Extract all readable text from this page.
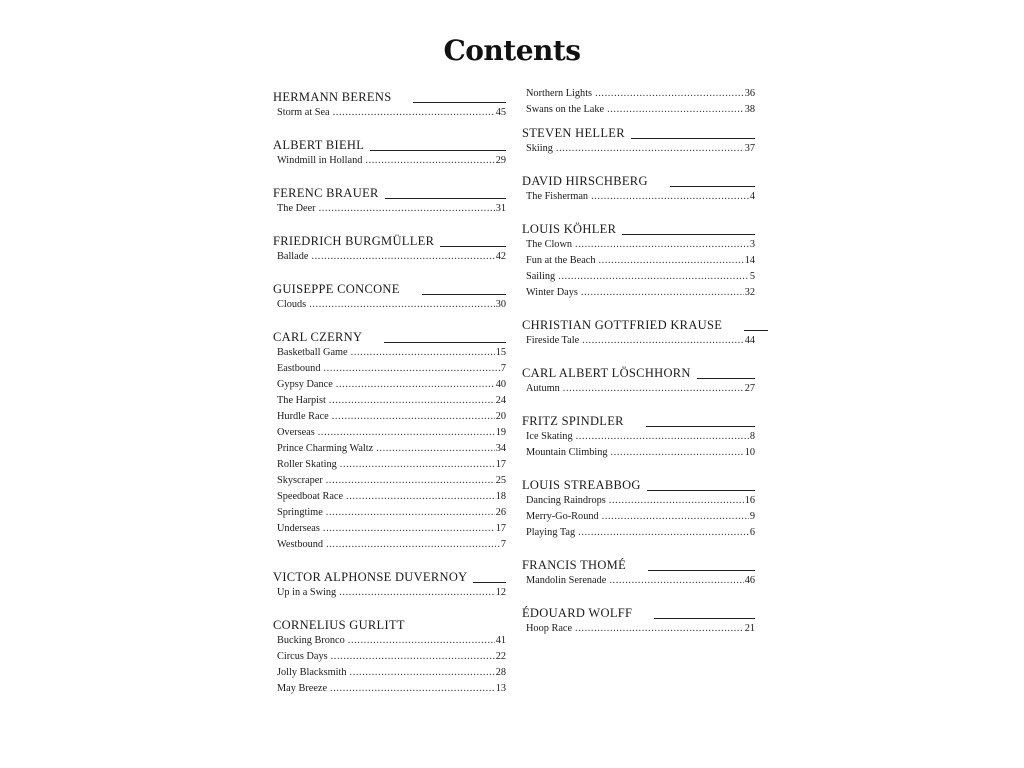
Contents
HERMANN BERENS
Storm at Sea .....	45
ALBERT BIEHL
Windmill in Holland .....	29
FERENC BRAUER
The Deer .....	31
FRIEDRICH BURGMÜLLER
Ballade .....	42
GUISEPPE CONCONE
Clouds .....	30
CARL CZERNY
Basketball Game .....	15
Eastbound .....	7
Gypsy Dance .....	40
The Harpist .....	24
Hurdle Race .....	20
Overseas .....	19
Prince Charming Waltz .....	34
Roller Skating .....	17
Skyscraper .....	25
Speedboat Race .....	18
Springtime .....	26
Underseas .....	17
Westbound .....	7
VICTOR ALPHONSE DUVERNOY
Up in a Swing .....	12
CORNELIUS GURLITT
Bucking Bronco .....	41
Circus Days .....	22
Jolly Blacksmith .....	28
May Breeze .....	13
Northern Lights .....	36
Swans on the Lake .....	38
STEVEN HELLER
Skiing .....	37
DAVID HIRSCHBERG
The Fisherman .....	4
LOUIS KÖHLER
The Clown .....	3
Fun at the Beach .....	14
Sailing .....	5
Winter Days .....	32
CHRISTIAN GOTTFRIED KRAUSE
Fireside Tale .....	44
CARL ALBERT LÖSCHHORN
Autumn .....	27
FRITZ SPINDLER
Ice Skating .....	8
Mountain Climbing .....	10
LOUIS STREABBOG
Dancing Raindrops .....	16
Merry-Go-Round .....	9
Playing Tag .....	6
FRANCIS THOMÉ
Mandolin Serenade .....	46
ÉDOUARD WOLFF
Hoop Race .....	21
